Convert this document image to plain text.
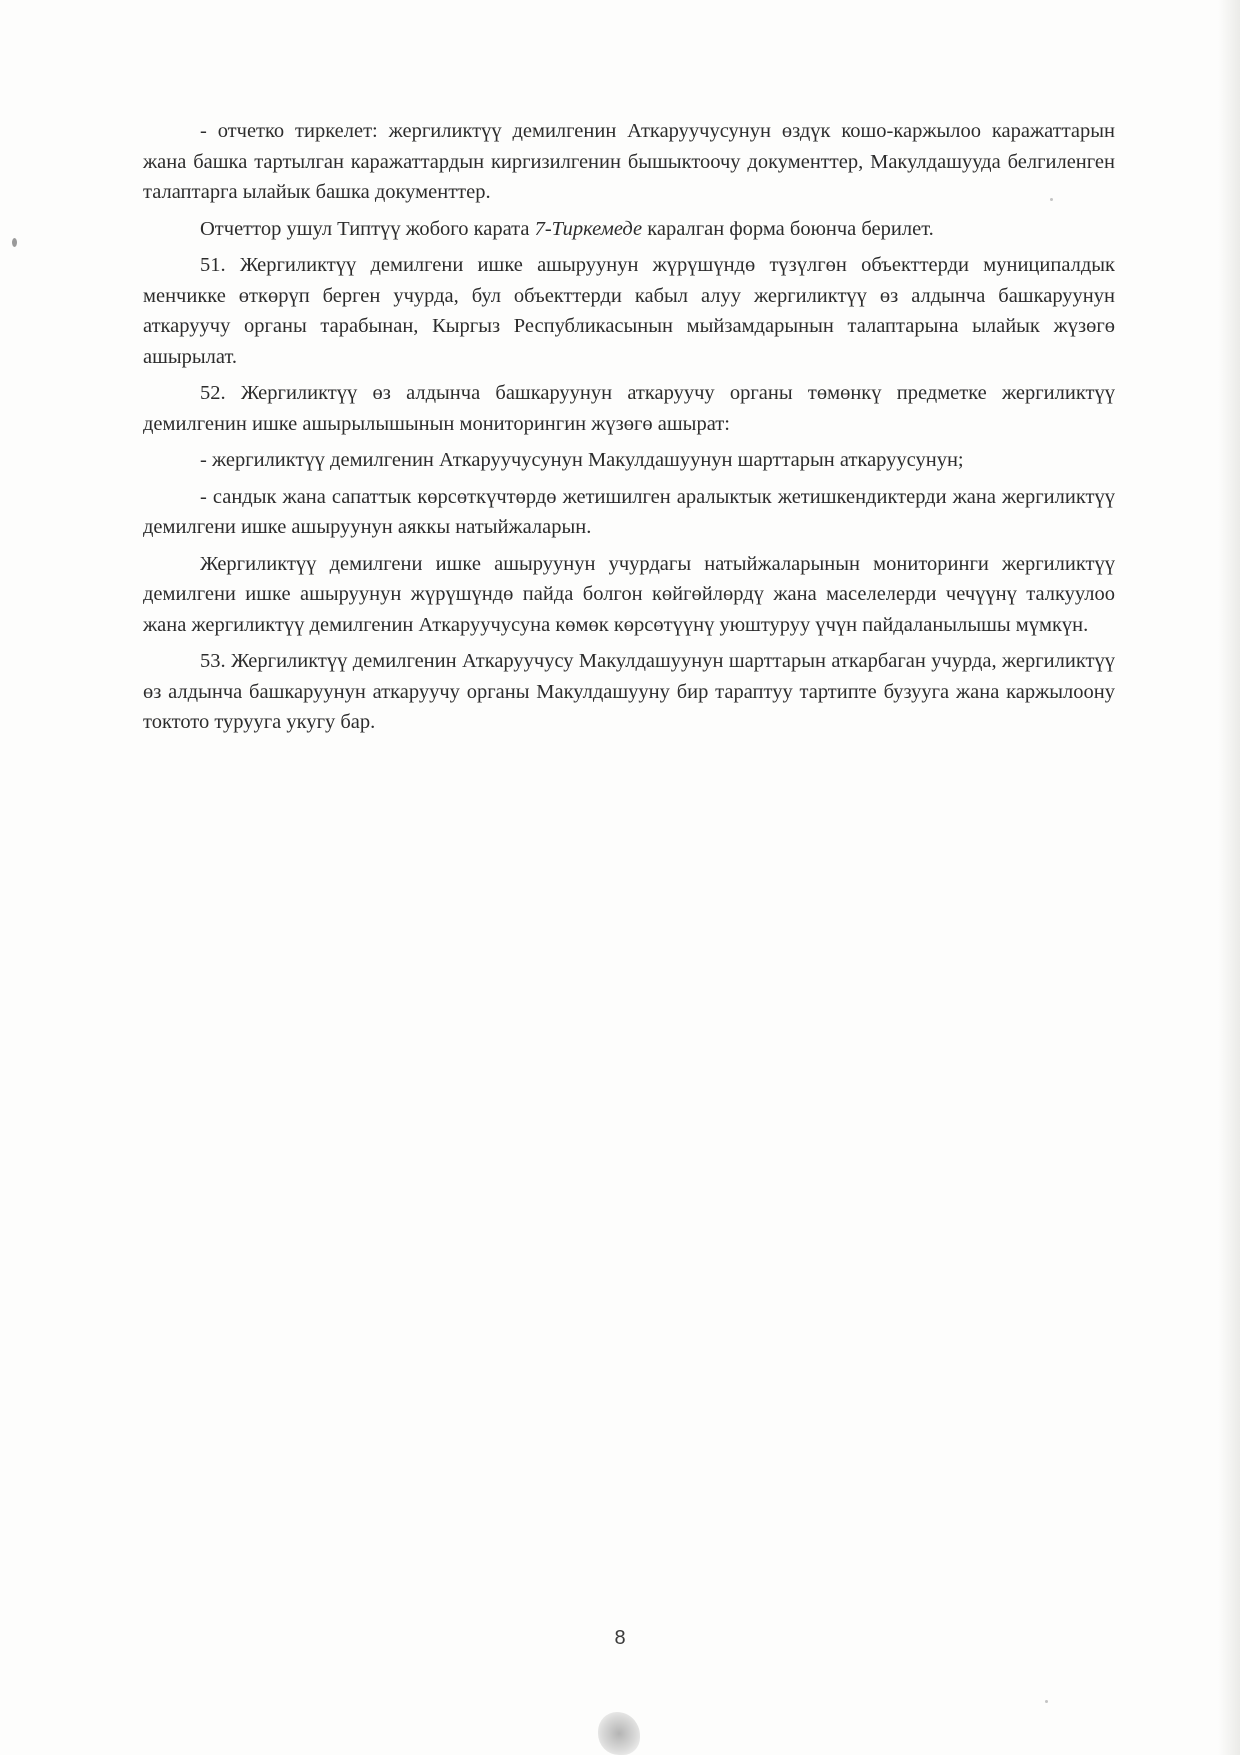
- отчетко тиркелет: жергиликтүү демилгенин Аткаруучусунун өздүк кошо-каржылоо каражаттарын жана башка тартылган каражаттардын киргизилгенин бышыктоочу документтер, Макулдашууда белгиленген талаптарга ылайык башка документтер.

Отчеттор ушул Типтүү жобого карата 7-Тиркемеде каралган форма боюнча берилет.

51. Жергиликтүү демилгени ишке ашыруунун жүрүшүндө түзүлгөн объекттерди муниципалдык менчикке өткөрүп берген учурда, бул объекттерди кабыл алуу жергиликтүү өз алдынча башкаруунун аткаруучу органы тарабынан, Кыргыз Республикасынын мыйзамдарынын талаптарына ылайык жүзөгө ашырылат.

52. Жергиликтүү өз алдынча башкаруунун аткаруучу органы төмөнкү предметке жергиликтүү демилгенин ишке ашырылышынын мониторингин жүзөгө ашырат:

- жергиликтүү демилгенин Аткаруучусунун Макулдашуунун шарттарын аткаруусунун;

- сандык жана сапаттык көрсөткүчтөрдө жетишилген аралыктык жетишкендиктерди жана жергиликтүү демилгени ишке ашыруунун аяккы натыйжаларын.

Жергиликтүү демилгени ишке ашыруунун учурдагы натыйжаларынын мониторинги жергиликтүү демилгени ишке ашыруунун жүрүшүндө пайда болгон көйгөйлөрдү жана маселелерди чечүүнү талкуулоо жана жергиликтүү демилгенин Аткаруучусуна көмөк көрсөтүүнү уюштуруу үчүн пайдаланылышы мүмкүн.

53. Жергиликтүү демилгенин Аткаруучусу Макулдашуунун шарттарын аткарбаган учурда, жергиликтүү өз алдынча башкаруунун аткаруучу органы Макулдашууну бир тараптуу тартипте бузууга жана каржылоону токтото турууга укугу бар.

8
